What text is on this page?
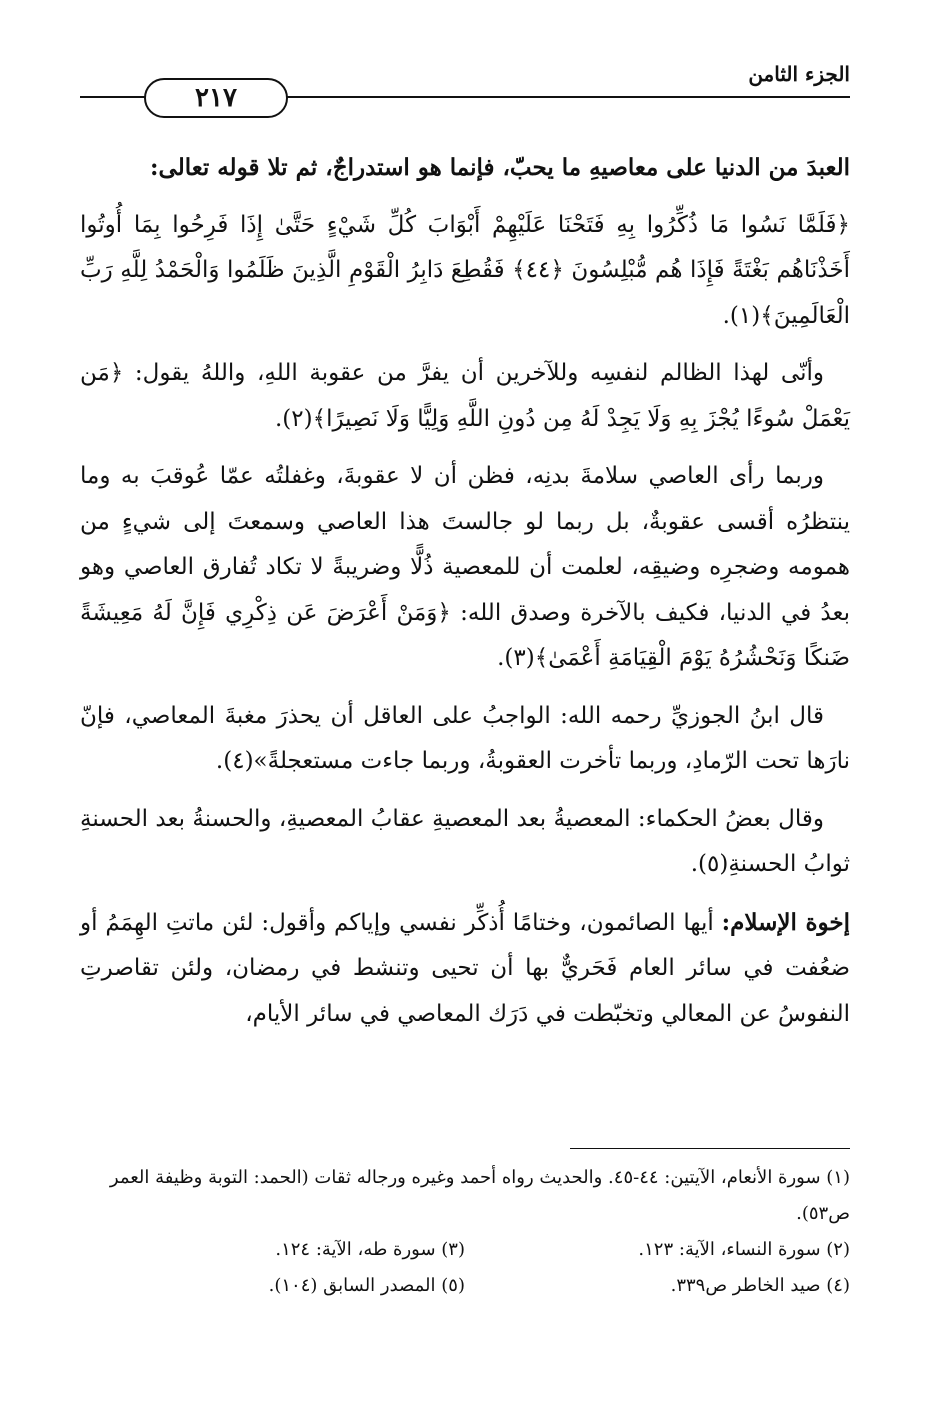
الجزء الثامن
٢١٧

العبدَ من الدنيا على معاصيهِ ما يحبّ، فإنما هو استدراجٌ، ثم تلا قوله تعالى:

﴿فَلَمَّا نَسُوا مَا ذُكِّرُوا بِهِ فَتَحْنَا عَلَيْهِمْ أَبْوَابَ كُلِّ شَيْءٍ حَتَّىٰ إِذَا فَرِحُوا بِمَا أُوتُوا أَخَذْنَاهُم بَغْتَةً فَإِذَا هُم مُّبْلِسُونَ ﴿٤٤﴾ فَقُطِعَ دَابِرُ الْقَوْمِ الَّذِينَ ظَلَمُوا وَالْحَمْدُ لِلَّهِ رَبِّ الْعَالَمِينَ﴾(١).

وأنّى لهذا الظالم لنفسِه وللآخرين أن يفرَّ من عقوبة اللهِ، واللهُ يقول: ﴿مَن يَعْمَلْ سُوءًا يُجْزَ بِهِ وَلَا يَجِدْ لَهُ مِن دُونِ اللَّهِ وَلِيًّا وَلَا نَصِيرًا﴾(٢).

وربما رأى العاصي سلامةَ بدنِه، فظن أن لا عقوبةَ، وغفلتُه عمّا عُوقبَ به وما ينتظرُه أقسى عقوبةٌ، بل ربما لو جالستَ هذا العاصي وسمعتَ إلى شيءٍ من همومه وضجرِه وضيقِه، لعلمت أن للمعصية ذُلًّا وضريبةً لا تكاد تُفارق العاصي وهو بعدُ في الدنيا، فكيف بالآخرة وصدق الله: ﴿وَمَنْ أَعْرَضَ عَن ذِكْرِي فَإِنَّ لَهُ مَعِيشَةً ضَنكًا وَنَحْشُرُهُ يَوْمَ الْقِيَامَةِ أَعْمَىٰ﴾(٣).

قال ابنُ الجوزيِّ رحمه الله: الواجبُ على العاقل أن يحذرَ مغبةَ المعاصي، فإنّ نارَها تحت الرّمادِ، وربما تأخرت العقوبةُ، وربما جاءت مستعجلةً»(٤).

وقال بعضُ الحكماء: المعصيةُ بعد المعصيةِ عقابُ المعصيةِ، والحسنةُ بعد الحسنةِ ثوابُ الحسنةِ(٥).

إخوة الإسلام: أيها الصائمون، وختامًا أُذكِّر نفسي وإياكم وأقول: لئن ماتتِ الهِمَمُ أو ضعُفت في سائر العام فَحَريٌّ بها أن تحيى وتنشط في رمضان، ولئن تقاصرتِ النفوسُ عن المعالي وتخبّطت في دَرَك المعاصي في سائر الأيام،

(١) سورة الأنعام، الآيتين: ٤٤-٤٥. والحديث رواه أحمد وغيره ورجاله ثقات (الحمد: التوبة وظيفة العمر ص٥٣).

(٢) سورة النساء، الآية: ١٢٣.
(٣) سورة طه، الآية: ١٢٤.
(٤) صيد الخاطر ص٣٣٩.
(٥) المصدر السابق (١٠٤).
